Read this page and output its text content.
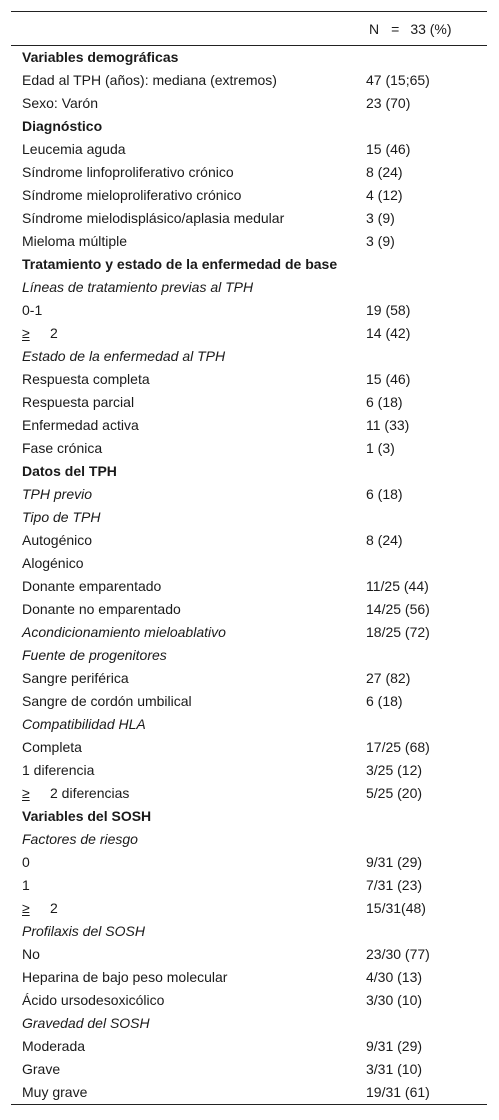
	N = 33 (%)
Variables demográficas	
Edad al TPH (años): mediana (extremos)	47 (15;65)
Sexo: Varón	23 (70)
Diagnóstico	
Leucemia aguda	15 (46)
Síndrome linfoproliferativo crónico	8 (24)
Síndrome mieloproliferativo crónico	4 (12)
Síndrome mielodisplásico/aplasia medular	3 (9)
Mieloma múltiple	3 (9)
Tratamiento y estado de la enfermedad de base	
Líneas de tratamiento previas al TPH	
0-1	19 (58)
≥ 2	14 (42)
Estado de la enfermedad al TPH	
Respuesta completa	15 (46)
Respuesta parcial	6 (18)
Enfermedad activa	11 (33)
Fase crónica	1 (3)
Datos del TPH	
TPH previo	6 (18)
Tipo de TPH	
Autogénico	8 (24)
Alogénico	
Donante emparentado	11/25 (44)
Donante no emparentado	14/25 (56)
Acondicionamiento mieloablativo	18/25 (72)
Fuente de progenitores	
Sangre periférica	27 (82)
Sangre de cordón umbilical	6 (18)
Compatibilidad HLA	
Completa	17/25 (68)
1 diferencia	3/25 (12)
≥ 2 diferencias	5/25 (20)
Variables del SOSH	
Factores de riesgo	
0	9/31 (29)
1	7/31 (23)
≥ 2	15/31(48)
Profilaxis del SOSH	
No	23/30 (77)
Heparina de bajo peso molecular	4/30 (13)
Ácido ursodesoxicólico	3/30 (10)
Gravedad del SOSH	
Moderada	9/31 (29)
Grave	3/31 (10)
Muy grave	19/31 (61)
